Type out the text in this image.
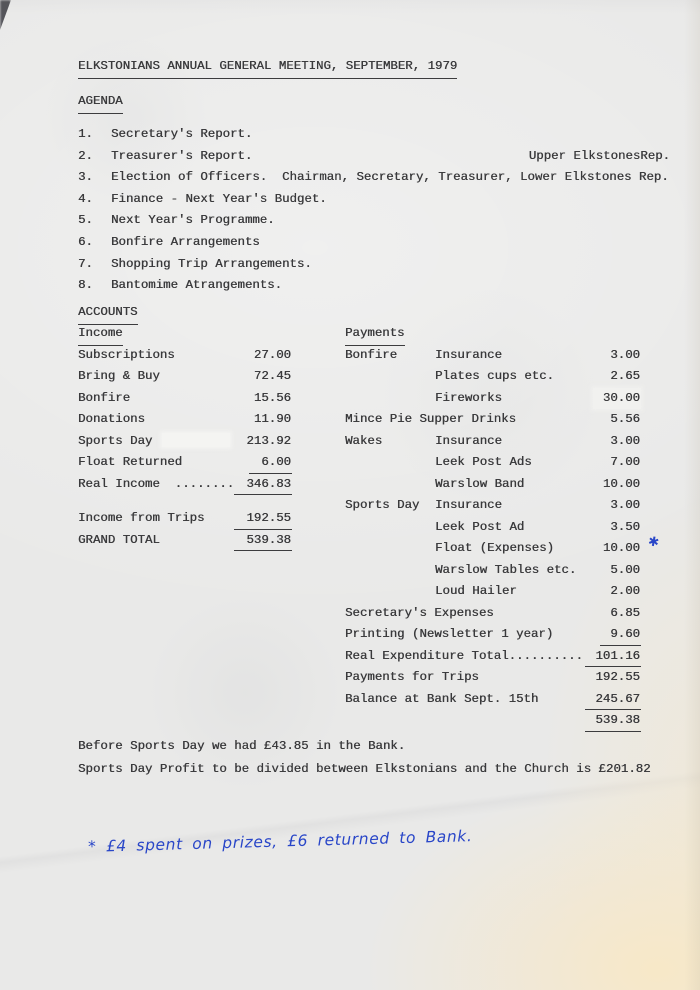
ELKSTONIANS ANNUAL GENERAL MEETING, SEPTEMBER, 1979
AGENDA
1.	Secretary's Report.
2.	Treasurer's Report.	Upper ElkstonesRep.
3.	Election of Officers.  Chairman, Secretary, Treasurer, Lower Elkstones Rep.
4.	Finance - Next Year's Budget.
5.	Next Year's Programme.
6.	Bonfire Arrangements
7.	Shopping Trip Arrangements.
8.	Bantomime Atrangements.
ACCOUNTS
Income
Subscriptions	27.00
Bring & Buy	72.45
Bonfire	15.56
Donations	11.90
Sports Day	213.92
Float Returned	6.00
Real Income  ........ 346.83
Income from Trips	192.55
GRAND TOTAL	539.38
Payments
Bonfire	Insurance	3.00
Plates cups etc.	2.65
Fireworks	30.00
Mince Pie Supper Drinks	5.56
Wakes	Insurance	3.00
Leek Post Ads	7.00
Warslow Band	10.00
Sports Day	Insurance	3.00
Leek Post Ad	3.50
Float (Expenses)	10.00 ✱
Warslow Tables etc.	5.00
Loud Hailer	2.00
Secretary's Expenses	6.85
Printing (Newsletter 1 year)	9.60
Real Expenditure Total..........	101.16
Payments for Trips	192.55
Balance at Bank Sept. 15th	245.67
539.38
Before Sports Day we had £43.85 in the Bank.
Sports Day Profit to be divided between Elkstonians and the Church is £201.82
* £4 spent on prizes, £6 returned to Bank.
